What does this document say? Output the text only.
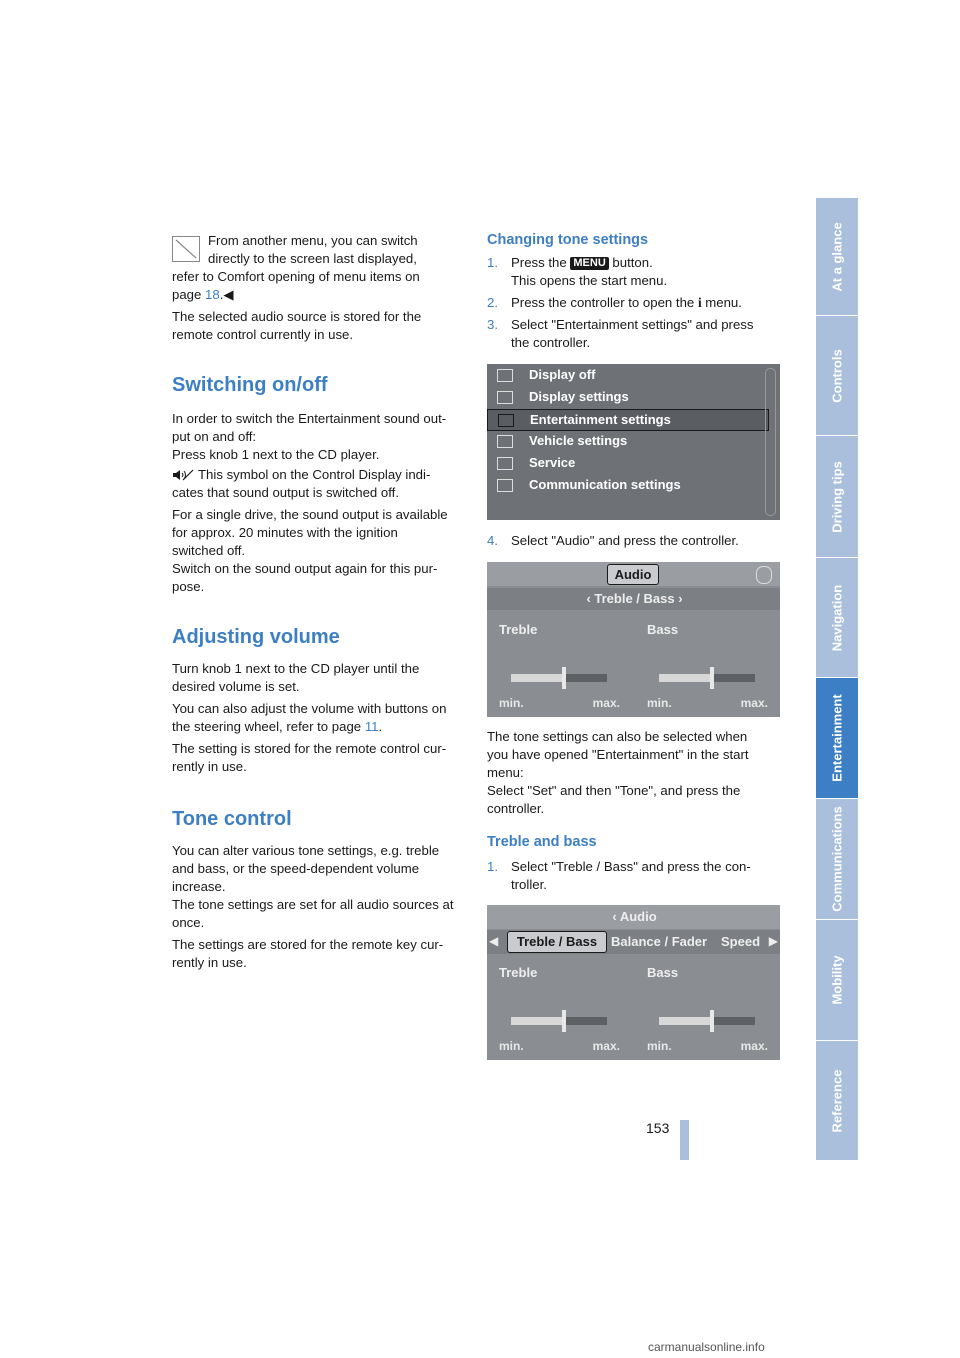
From another menu, you can switch

directly to the screen last displayed,

refer to Comfort opening of menu items on

page 18.◀

The selected audio source is stored for the

remote control currently in use.

Switching on/off

In order to switch the Entertainment sound out-

put on and off:

Press knob 1 next to the CD player.

This symbol on the Control Display indi-

cates that sound output is switched off.

For a single drive, the sound output is available

for approx. 20 minutes with the ignition

switched off.

Switch on the sound output again for this pur-

pose.

Adjusting volume

Turn knob 1 next to the CD player until the

desired volume is set.

You can also adjust the volume with buttons on

the steering wheel, refer to page 11.

The setting is stored for the remote control cur-

rently in use.

Tone control

You can alter various tone settings, e.g. treble

and bass, or the speed-dependent volume

increase.

The tone settings are set for all audio sources at

once.

The settings are stored for the remote key cur-

rently in use.

Changing tone settings
1. Press the MENU button.
This opens the start menu.
2. Press the controller to open the i menu.
3. Select "Entertainment settings" and press
the controller.
Display off
Display settings
Entertainment settings
Vehicle settings
Service
Communication settings
4. Select "Audio" and press the controller.
Audio
‹ Treble / Bass ›
Treble
min.	max.
Bass
min.	max.

The tone settings can also be selected when

you have opened "Entertainment" in the start

menu:

Select "Set" and then "Tone", and press the

controller.

Treble and bass
1. Select "Treble / Bass" and press the con-
troller.
‹ Audio
◀	Treble / Bass	Balance / Fader Speed ▶
Treble
min.	max.
Bass
min.	max.

153

At a glance
Controls
Driving tips
Navigation
Entertainment
Communications
Mobility
Reference
carmanualsonline.info
